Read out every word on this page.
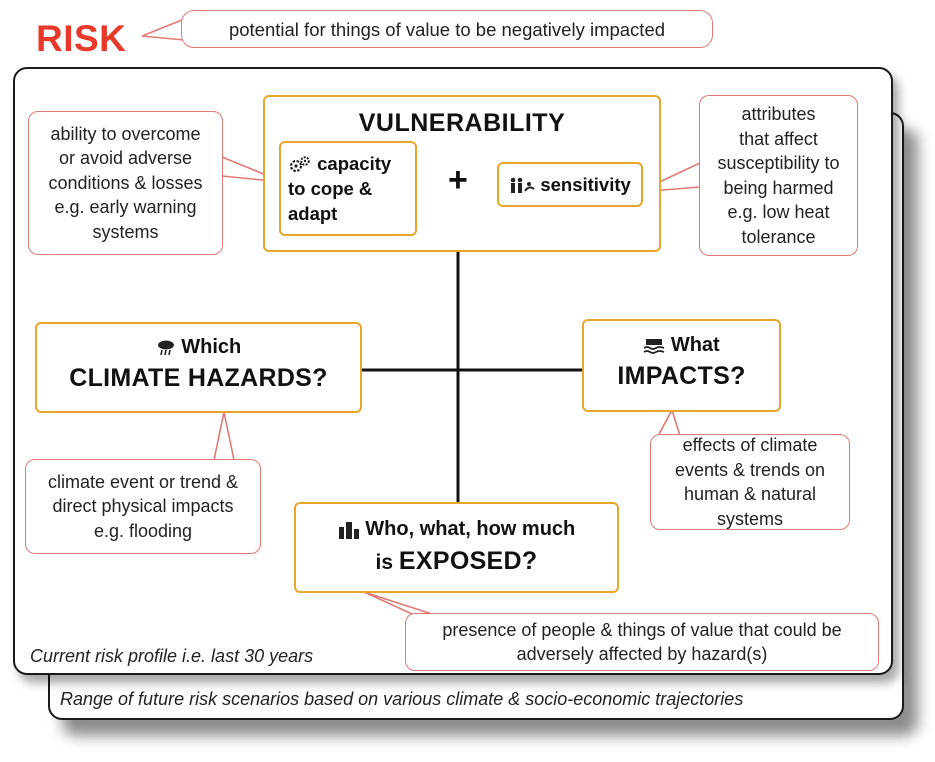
Range of future risk scenarios based on various climate & socio-economic trajectories
RISK	potential for things of value to be negatively impacted
VULNERABILITY
+
capacity
to cope &
adapt
sensitivity
ability to overcome
or avoid adverse
conditions & losses
e.g. early warning
systems
attributes
that affect
susceptibility to
being harmed
e.g. low heat
tolerance
Which
CLIMATE HAZARDS?
climate event or trend &
direct physical impacts
e.g. flooding
What
IMPACTS?
effects of climate
events & trends on
human & natural
systems
Who, what, how much
is EXPOSED?
presence of people & things of value that could be
adversely affected by hazard(s)
Current risk profile i.e. last 30 years
